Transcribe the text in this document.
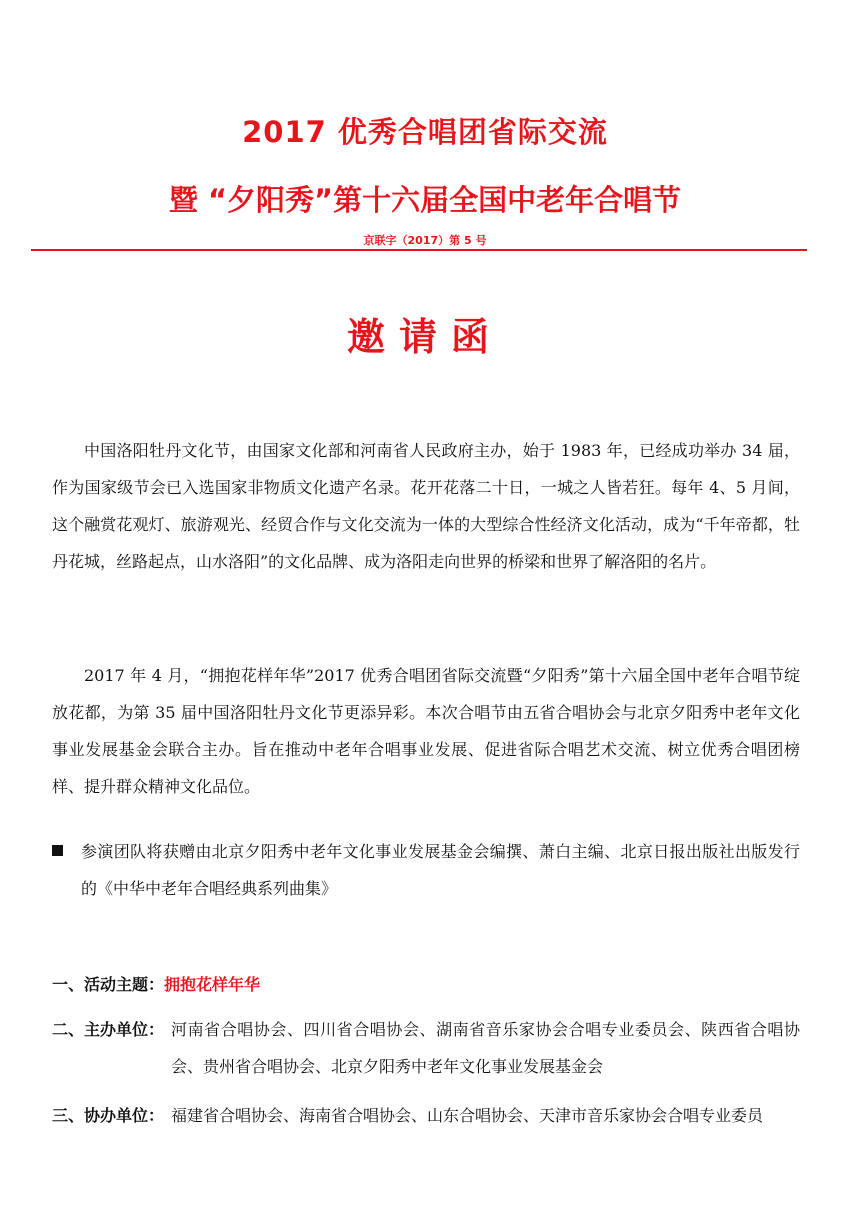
2017 优秀合唱团省际交流
暨 “夕阳秀”第十六届全国中老年合唱节
京联字（2017）第 5 号
邀请函

中国洛阳牡丹文化节，由国家文化部和河南省人民政府主办，始于 1983 年，已经成功举办 34 届，作为国家级节会已入选国家非物质文化遗产名录。花开花落二十日，一城之人皆若狂。每年 4、5 月间，这个融赏花观灯、旅游观光、经贸合作与文化交流为一体的大型综合性经济文化活动，成为“千年帝都，牡丹花城，丝路起点，山水洛阳”的文化品牌、成为洛阳走向世界的桥梁和世界了解洛阳的名片。

2017 年 4 月，“拥抱花样年华”2017 优秀合唱团省际交流暨“夕阳秀”第十六届全国中老年合唱节绽放花都，为第 35 届中国洛阳牡丹文化节更添异彩。本次合唱节由五省合唱协会与北京夕阳秀中老年文化事业发展基金会联合主办。旨在推动中老年合唱事业发展、促进省际合唱艺术交流、树立优秀合唱团榜样、提升群众精神文化品位。

参演团队将获赠由北京夕阳秀中老年文化事业发展基金会编撰、萧白主编、北京日报出版社出版发行的《中华中老年合唱经典系列曲集》
一、活动主题：拥抱花样年华
二、主办单位： 河南省合唱协会、四川省合唱协会、湖南省音乐家协会合唱专业委员会、陕西省合唱协会、贵州省合唱协会、北京夕阳秀中老年文化事业发展基金会
三、协办单位： 福建省合唱协会、海南省合唱协会、山东合唱协会、天津市音乐家协会合唱专业委员
